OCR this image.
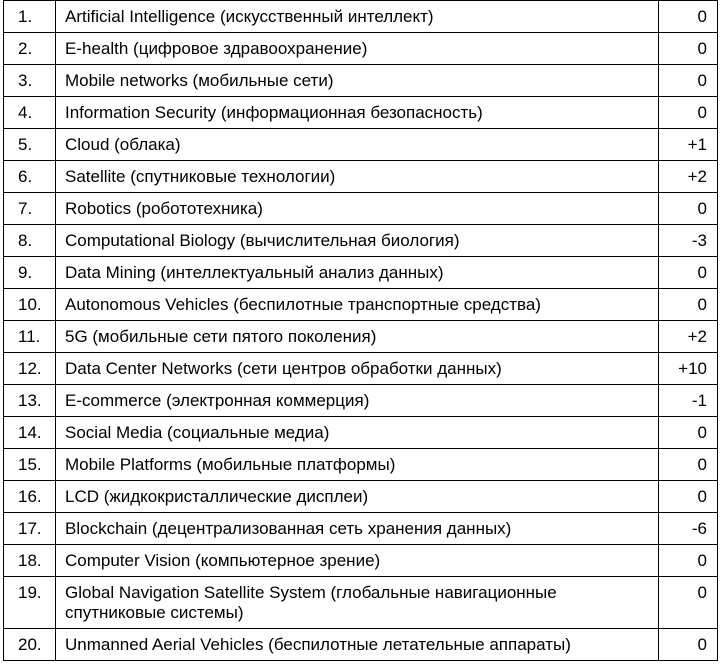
1.	Artificial Intelligence (искусственный интеллект)	0
2.	E-health (цифровое здравоохранение)	0
3.	Mobile networks (мобильные сети)	0
4.	Information Security (информационная безопасность)	0
5.	Cloud (облака)	+1
6.	Satellite (спутниковые технологии)	+2
7.	Robotics (робототехника)	0
8.	Computational Biology (вычислительная биология)	-3
9.	Data Mining (интеллектуальный анализ данных)	0
10.	Autonomous Vehicles (беспилотные транспортные средства)	0
11.	5G (мобильные сети пятого поколения)	+2
12.	Data Center Networks (сети центров обработки данных)	+10
13.	E-commerce (электронная коммерция)	-1
14.	Social Media (социальные медиа)	0
15.	Mobile Platforms (мобильные платформы)	0
16.	LCD (жидкокристаллические дисплеи)	0
17.	Blockchain (децентрализованная сеть хранения данных)	-6
18.	Computer Vision (компьютерное зрение)	0
19.	Global Navigation Satellite System (глобальные навигационные спутниковые системы)	0
20.	Unmanned Aerial Vehicles (беспилотные летательные аппараты)	0
